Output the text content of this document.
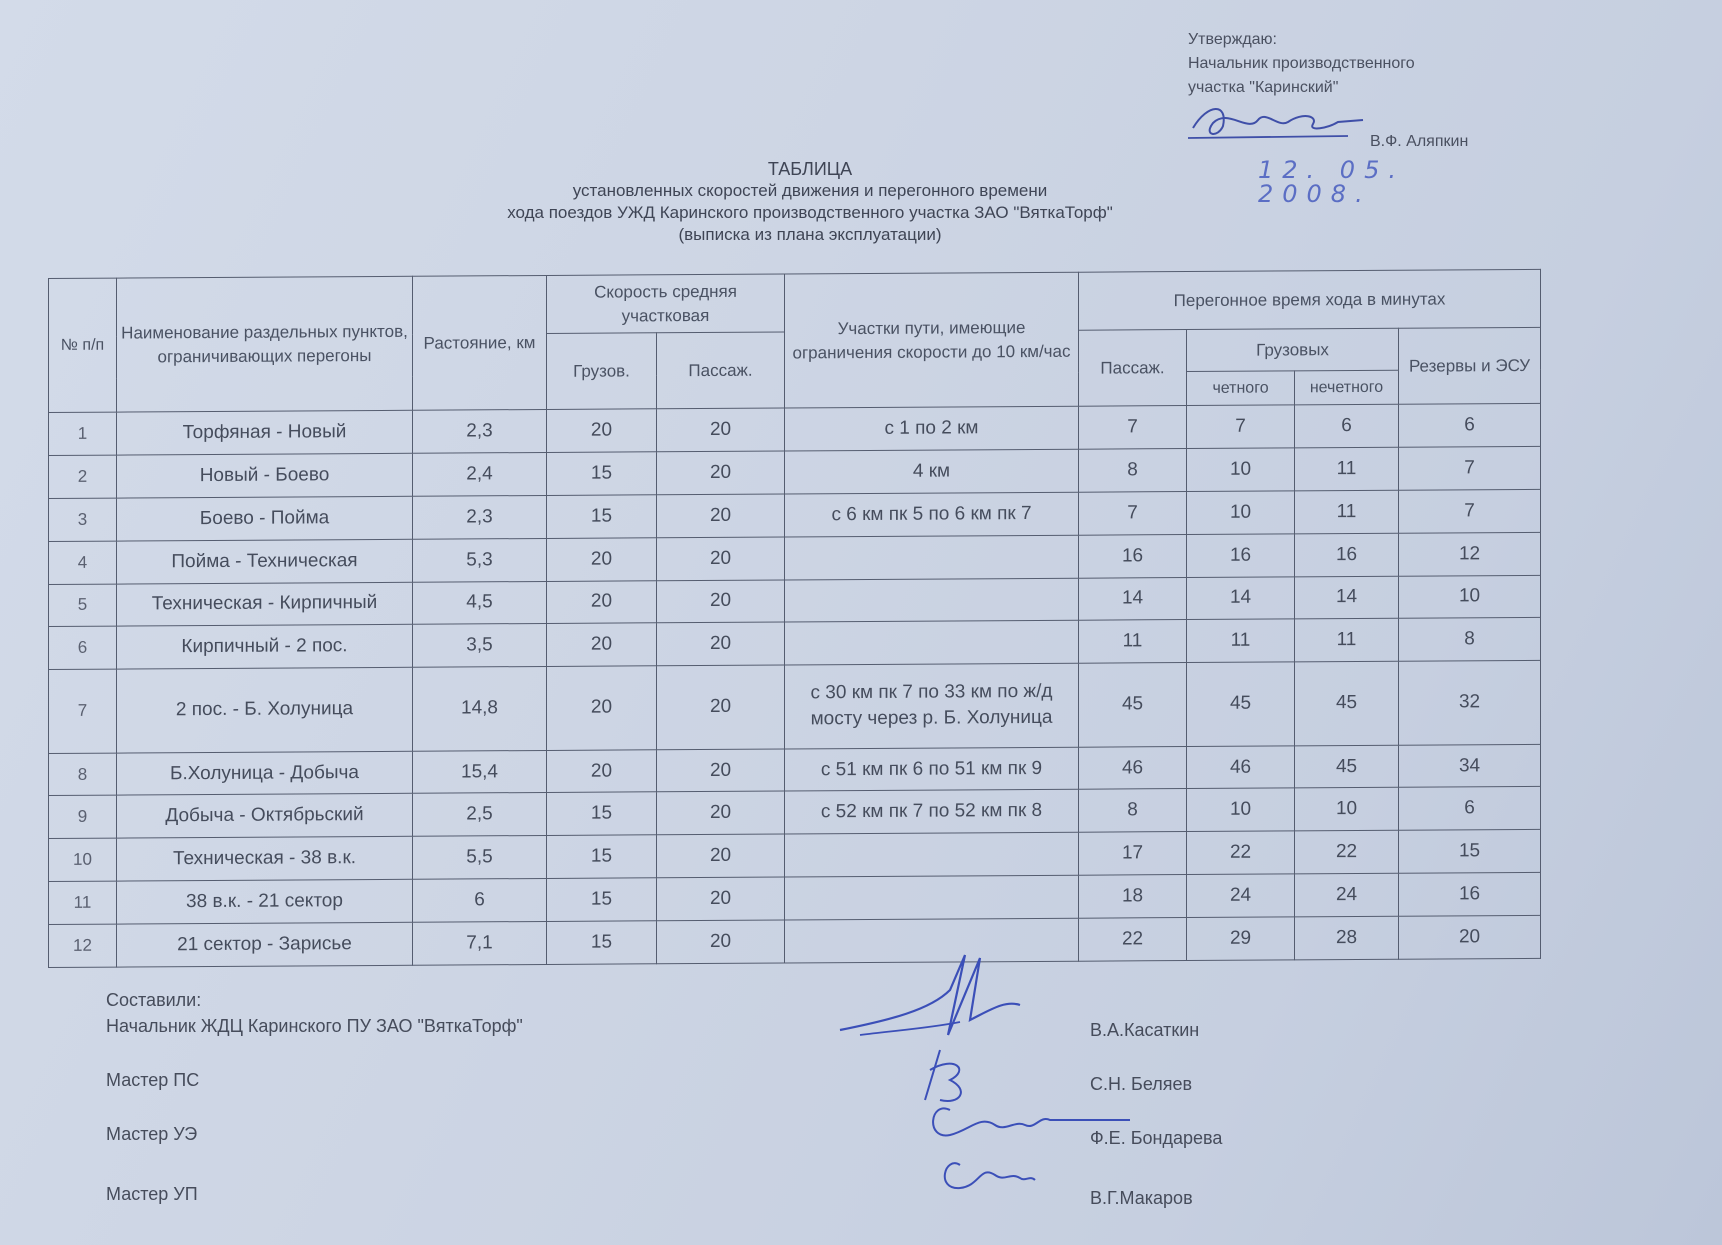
Утверждаю:
Начальник производственного
участка "Каринский"
В.Ф. Аляпкин
12. 05. 2008.
ТАБЛИЦА
установленных скоростей движения и перегонного времени
хода поездов УЖД Каринского производственного участка ЗАО "ВяткаТорф"
(выписка из плана эксплуатации)
№ п/п	Наименование раздельных пунктов, ограничивающих перегоны	Растояние, км	Скорость средняя участковая		Участки пути, имеющие ограничения скорости до 10 км/час	Перегонное время хода в минутах			
			Грузов.	Пассаж.		Пассаж.	Грузовых		Резервы и ЭСУ
							четного	нечетного	
1	Торфяная - Новый	2,3	20	20	с 1 по 2 км	7	7	6	6
2	Новый - Боево	2,4	15	20	4 км	8	10	11	7
3	Боево - Пойма	2,3	15	20	с 6 км пк 5 по 6 км пк 7	7	10	11	7
4	Пойма - Техническая	5,3	20	20		16	16	16	12
5	Техническая - Кирпичный	4,5	20	20		14	14	14	10
6	Кирпичный - 2 пос.	3,5	20	20		11	11	11	8
7	2 пос. - Б. Холуница	14,8	20	20	с 30 км пк 7 по 33 км по ж/д мосту через р. Б. Холуница	45	45	45	32
8	Б.Холуница - Добыча	15,4	20	20	с 51 км пк 6 по 51 км пк 9	46	46	45	34
9	Добыча - Октябрьский	2,5	15	20	с 52 км пк 7 по 52 км пк 8	8	10	10	6
10	Техническая - 38 в.к.	5,5	15	20		17	22	22	15
11	38 в.к. - 21 сектор	6	15	20		18	24	24	16
12	21 сектор - Зарисье	7,1	15	20		22	29	28	20
Составили:
Начальник ЖДЦ Каринского ПУ ЗАО "ВяткаТорф"
Мастер ПС
Мастер УЭ
Мастер УП
В.А.Касаткин
С.Н. Беляев
Ф.Е. Бондарева
В.Г.Макаров
